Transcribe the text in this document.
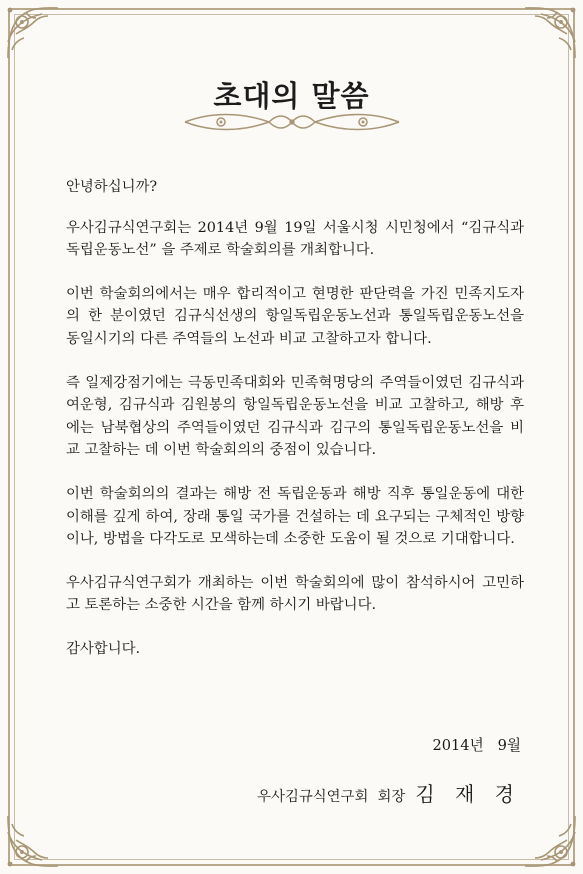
초대의 말씀

안녕하십니까?

우사김규식연구회는 2014년 9월 19일 서울시청 시민청에서 “김규식과 독립운동노선” 을 주제로 학술회의를 개최합니다.

이번 학술회의에서는 매우 합리적이고 현명한 판단력을 가진 민족지도자의 한 분이였던 김규식선생의 항일독립운동노선과 통일독립운동노선을 동일시기의 다른 주역들의 노선과 비교 고찰하고자 합니다.

즉 일제강점기에는 극동민족대회와 민족혁명당의 주역들이였던 김규식과 여운형, 김규식과 김원봉의 항일독립운동노선을 비교 고찰하고, 해방 후에는 남북협상의 주역들이였던 김규식과 김구의 통일독립운동노선을 비교 고찰하는 데 이번 학술회의의 중점이 있습니다.

이번 학술회의의 결과는 해방 전 독립운동과 해방 직후 통일운동에 대한 이해를 깊게 하여, 장래 통일 국가를 건설하는 데 요구되는 구체적인 방향이나, 방법을 다각도로 모색하는데 소중한 도움이 될 것으로 기대합니다.

우사김규식연구회가 개최하는 이번 학술회의에 많이 참석하시어 고민하고 토론하는 소중한 시간을 함께 하시기 바랍니다.

감사합니다.

2014년   9월
우사김규식연구회  회장 김 재 경
